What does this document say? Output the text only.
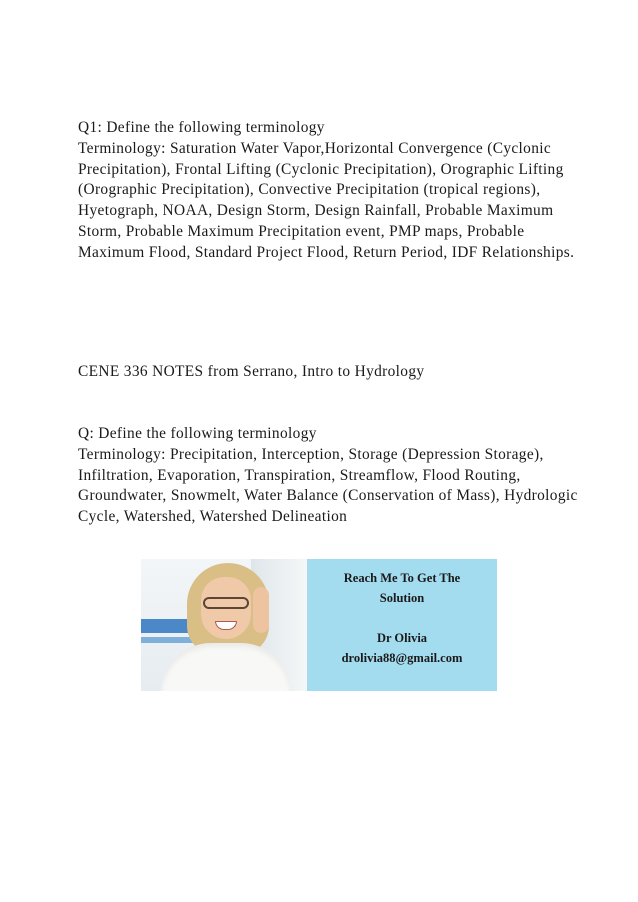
Q1: Define the following terminology

Terminology: Saturation Water Vapor,Horizontal Convergence (Cyclonic Precipitation), Frontal Lifting (Cyclonic Precipitation), Orographic Lifting (Orographic Precipitation), Convective Precipitation (tropical regions), Hyetograph, NOAA, Design Storm, Design Rainfall, Probable Maximum Storm, Probable Maximum Precipitation event, PMP maps, Probable Maximum Flood, Standard Project Flood, Return Period, IDF Relationships.

CENE 336 NOTES from Serrano, Intro to Hydrology

Q: Define the following terminology

Terminology: Precipitation, Interception, Storage (Depression Storage), Infiltration, Evaporation, Transpiration, Streamflow, Flood Routing, Groundwater, Snowmelt, Water Balance (Conservation of Mass), Hydrologic Cycle, Watershed, Watershed Delineation

Reach Me To Get The
Solution
Dr Olivia
drolivia88@gmail.com
